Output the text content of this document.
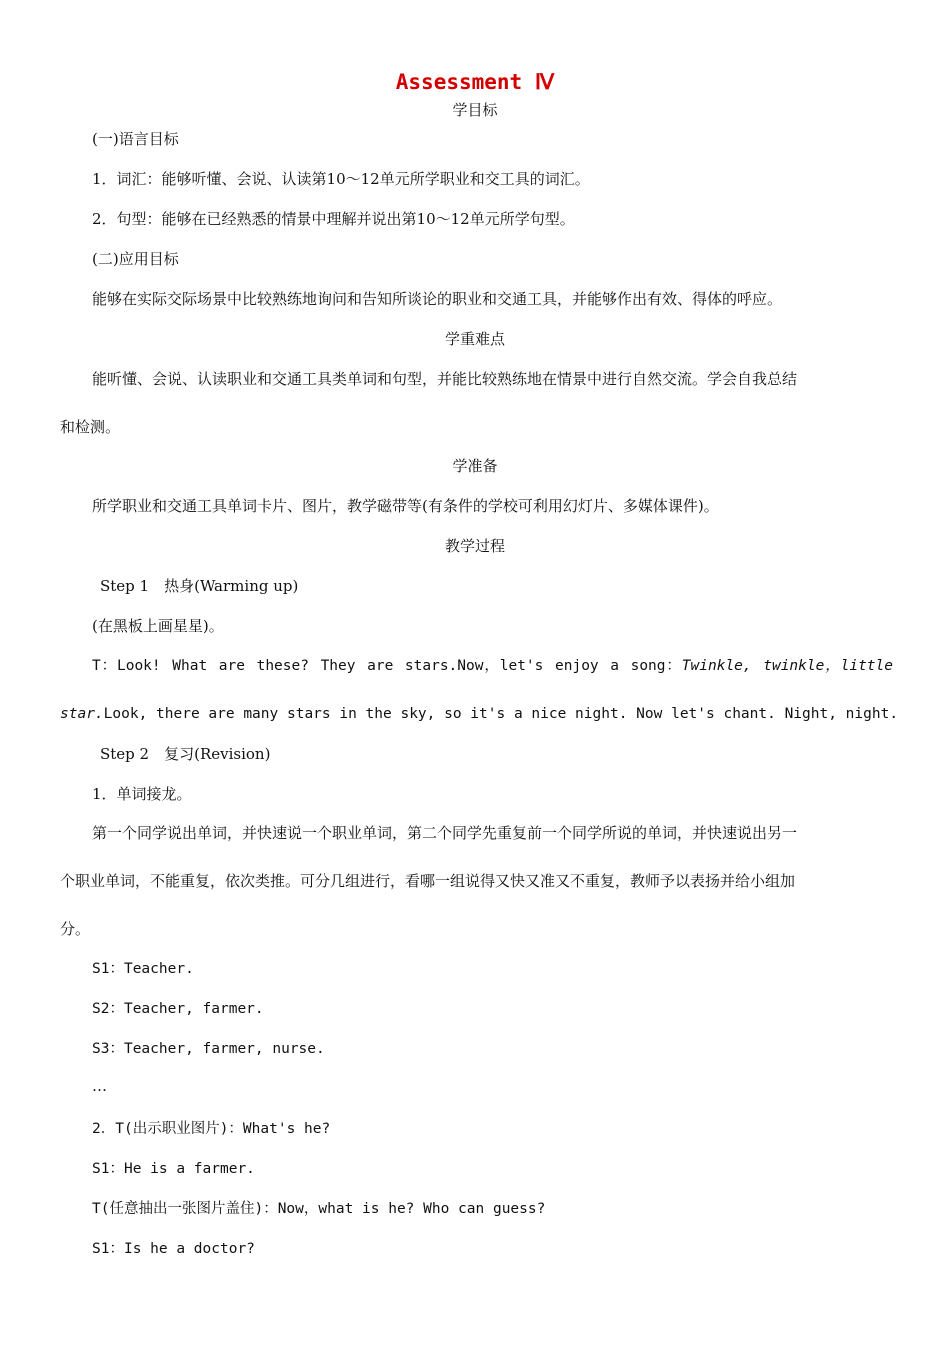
Assessment Ⅳ
学目标
(一)语言目标
1．词汇：能够听懂、会说、认读第10～12单元所学职业和交工具的词汇。
2．句型：能够在已经熟悉的情景中理解并说出第10～12单元所学句型。
(二)应用目标
能够在实际交际场景中比较熟练地询问和告知所谈论的职业和交通工具，并能够作出有效、得体的呼应。
学重难点
能听懂、会说、认读职业和交通工具类单词和句型，并能比较熟练地在情景中进行自然交流。学会自我总结
和检测。
学准备
所学职业和交通工具单词卡片、图片，教学磁带等(有条件的学校可利用幻灯片、多媒体课件)。
教学过程
Step 1　热身(Warming up)
(在黑板上画星星)。
T：Look! What are these? They are stars.Now，let's enjoy a song：Twinkle, twinkle，little
star.Look, there are many stars in the sky, so it's a nice night. Now let's chant. Night, night.
Step 2　复习(Revision)
1．单词接龙。
第一个同学说出单词，并快速说一个职业单词，第二个同学先重复前一个同学所说的单词，并快速说出另一
个职业单词，不能重复，依次类推。可分几组进行，看哪一组说得又快又准又不重复，教师予以表扬并给小组加
分。
S1：Teacher.
S2：Teacher, farmer.
S3：Teacher, farmer, nurse.
…
2．T(出示职业图片)：What's he?
S1：He is a farmer.
T(任意抽出一张图片盖住)：Now，what is he? Who can guess?
S1：Is he a doctor?
